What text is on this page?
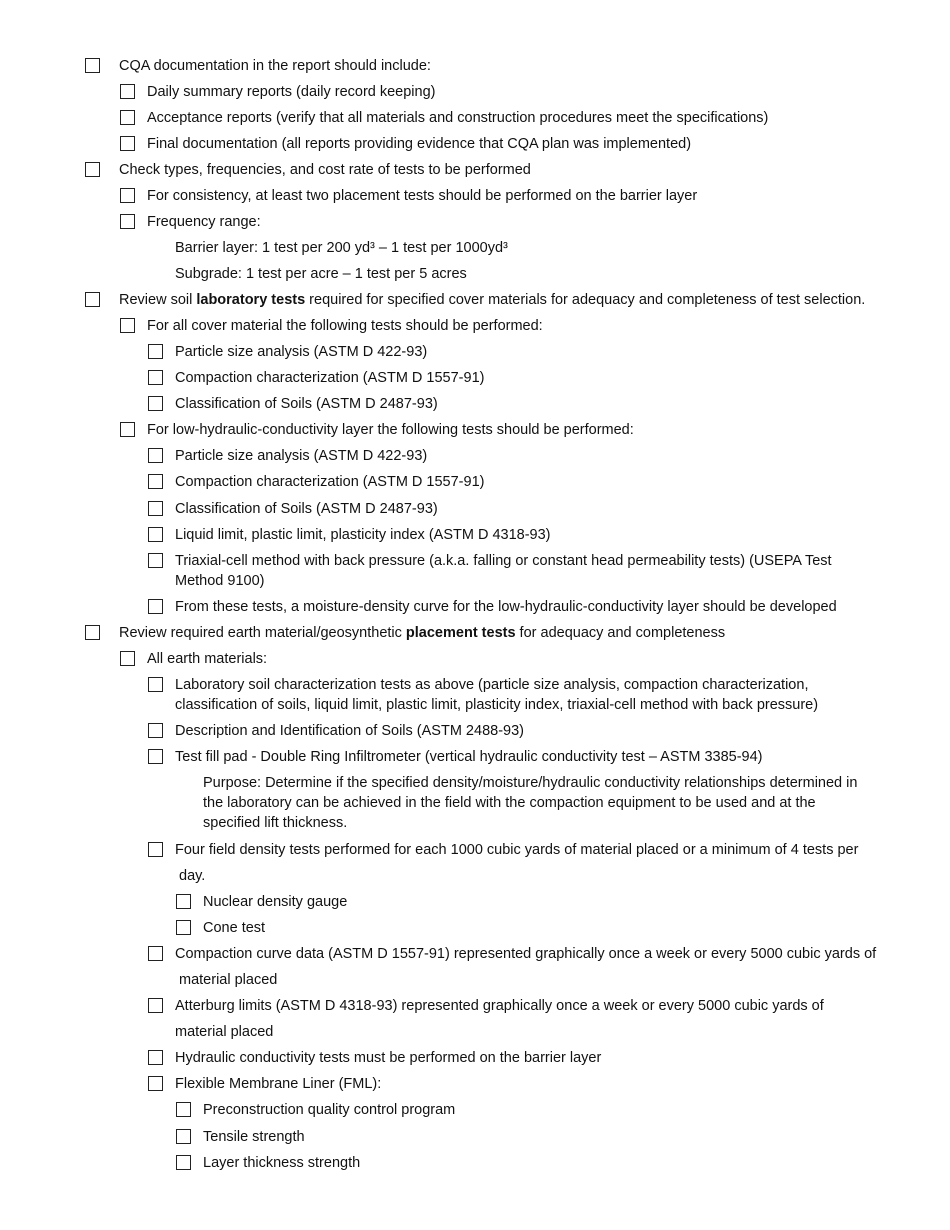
CQA documentation in the report should include:
Daily summary reports (daily record keeping)
Acceptance reports (verify that all materials and construction procedures meet the specifications)
Final documentation (all reports providing evidence that CQA plan was implemented)
Check types, frequencies, and cost rate of tests to be performed
For consistency, at least two placement tests should be performed on the barrier layer
Frequency range:
Barrier layer: 1 test per 200 yd³ – 1 test per 1000yd³
Subgrade: 1 test per acre – 1 test per 5 acres
Review soil laboratory tests required for specified cover materials for adequacy and completeness of test selection.
For all cover material the following tests should be performed:
Particle size analysis (ASTM D 422-93)
Compaction characterization (ASTM D 1557-91)
Classification of Soils (ASTM D 2487-93)
For low-hydraulic-conductivity layer the following tests should be performed:
Particle size analysis (ASTM D 422-93)
Compaction characterization (ASTM D 1557-91)
Classification of Soils (ASTM D 2487-93)
Liquid limit, plastic limit, plasticity index (ASTM D 4318-93)
Triaxial-cell method with back pressure (a.k.a. falling or constant head permeability tests) (USEPA Test
Method 9100)
From these tests, a moisture-density curve for the low-hydraulic-conductivity layer should be developed
Review required earth material/geosynthetic placement tests for adequacy and completeness
All earth materials:
Laboratory soil characterization tests as above (particle size analysis, compaction characterization,
classification of soils, liquid limit, plastic limit, plasticity index, triaxial-cell method with back pressure)
Description and Identification of Soils (ASTM 2488-93)
Test fill pad - Double Ring Infiltrometer (vertical hydraulic conductivity test – ASTM 3385-94)
Purpose: Determine if the specified density/moisture/hydraulic conductivity relationships determined in
the laboratory can be achieved in the field with the compaction equipment to be used and at the
specified lift thickness.
Four field density tests performed for each 1000 cubic yards of material placed or a minimum of 4 tests per
day.
Nuclear density gauge
Cone test
Compaction curve data (ASTM D 1557-91) represented graphically once a week or every 5000 cubic yards of
material placed
Atterburg limits (ASTM D 4318-93) represented graphically once a week or every 5000 cubic yards of
material placed
Hydraulic conductivity tests must be performed on the barrier layer
Flexible Membrane Liner (FML):
Preconstruction quality control program
Tensile strength
Layer thickness strength
